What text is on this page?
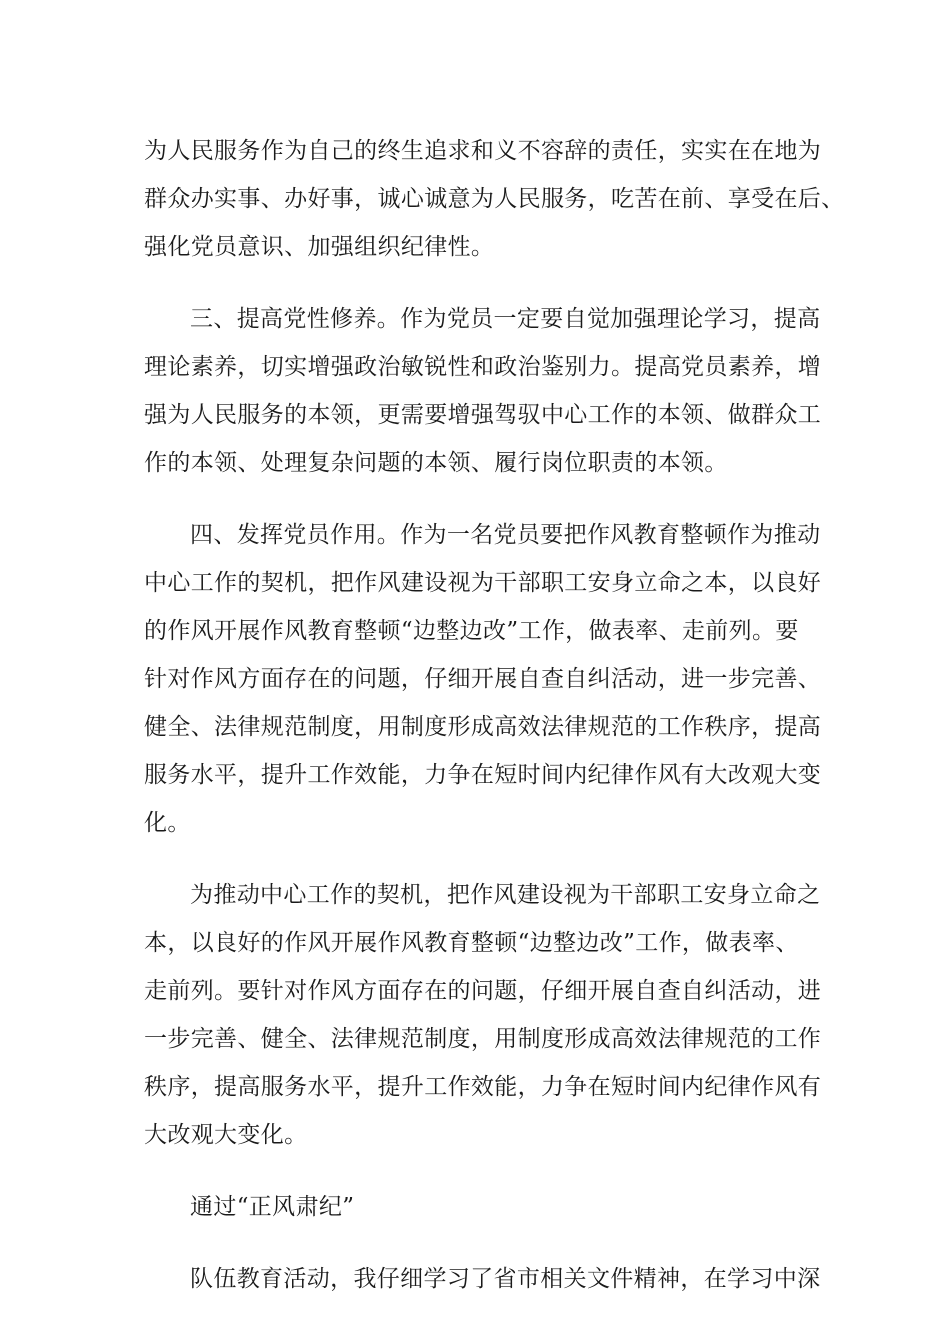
为人民服务作为自己的终生追求和义不容辞的责任，实实在在地为
群众办实事、办好事，诚心诚意为人民服务，吃苦在前、享受在后、
强化党员意识、加强组织纪律性。
三、提高党性修养。作为党员一定要自觉加强理论学习，提高
理论素养，切实增强政治敏锐性和政治鉴别力。提高党员素养，增
强为人民服务的本领，更需要增强驾驭中心工作的本领、做群众工
作的本领、处理复杂问题的本领、履行岗位职责的本领。
四、发挥党员作用。作为一名党员要把作风教育整顿作为推动
中心工作的契机，把作风建设视为干部职工安身立命之本，以良好
的作风开展作风教育整顿“边整边改”工作，做表率、走前列。要
针对作风方面存在的问题，仔细开展自查自纠活动，进一步完善、
健全、法律规范制度，用制度形成高效法律规范的工作秩序，提高
服务水平，提升工作效能，力争在短时间内纪律作风有大改观大变
化。
为推动中心工作的契机，把作风建设视为干部职工安身立命之
本，以良好的作风开展作风教育整顿“边整边改”工作，做表率、
走前列。要针对作风方面存在的问题，仔细开展自查自纠活动，进
一步完善、健全、法律规范制度，用制度形成高效法律规范的工作
秩序，提高服务水平，提升工作效能，力争在短时间内纪律作风有
大改观大变化。
通过“正风肃纪”
队伍教育活动，我仔细学习了省市相关文件精神，在学习中深
